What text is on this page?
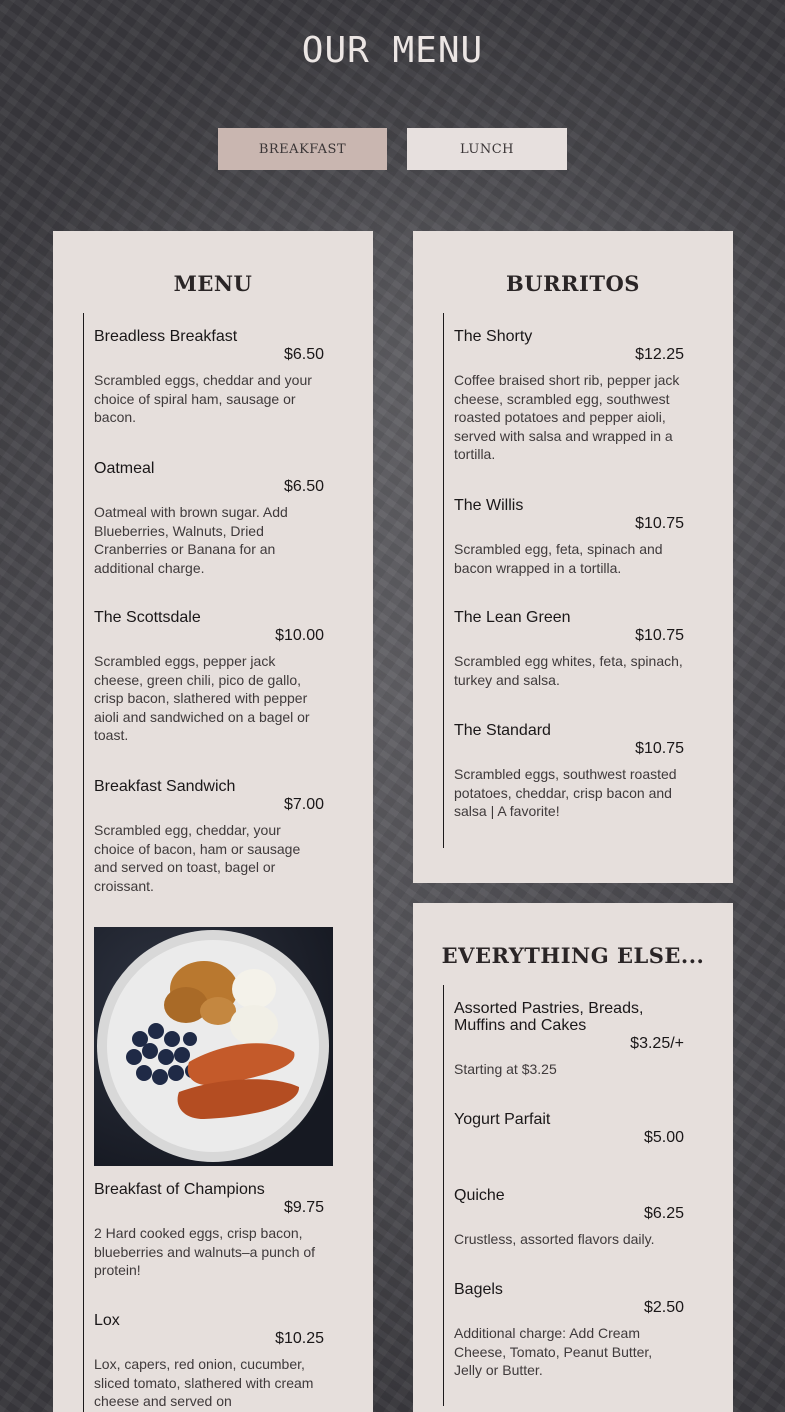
OUR MENU
BREAKFAST	LUNCH
MENU
Breadless Breakfast
$6.50
Scrambled eggs, cheddar and your choice of spiral ham, sausage or bacon.
Oatmeal
$6.50
Oatmeal with brown sugar. Add Blueberries, Walnuts, Dried Cranberries or Banana for an additional charge.
The Scottsdale
$10.00
Scrambled eggs, pepper jack cheese, green chili, pico de gallo, crisp bacon, slathered with pepper aioli and sandwiched on a bagel or toast.
Breakfast Sandwich
$7.00
Scrambled egg, cheddar, your choice of bacon, ham or sausage and served on toast, bagel or croissant.
Breakfast of Champions
$9.75
2 Hard cooked eggs, crisp bacon, blueberries and walnuts–a punch of protein!
Lox
$10.25
Lox, capers, red onion, cucumber, sliced tomato, slathered with cream cheese and served on
BURRITOS
The Shorty
$12.25
Coffee braised short rib, pepper jack cheese, scrambled egg, southwest roasted potatoes and pepper aioli, served with salsa and wrapped in a tortilla.
The Willis
$10.75
Scrambled egg, feta, spinach and bacon wrapped in a tortilla.
The Lean Green
$10.75
Scrambled egg whites, feta, spinach, turkey and salsa.
The Standard
$10.75
Scrambled eggs, southwest roasted potatoes, cheddar, crisp bacon and salsa | A favorite!
EVERYTHING ELSE...
Assorted Pastries, Breads, Muffins and Cakes
$3.25/+
Starting at $3.25
Yogurt Parfait
$5.00
Quiche
$6.25
Crustless, assorted flavors daily.
Bagels
$2.50
Additional charge: Add Cream Cheese, Tomato, Peanut Butter, Jelly or Butter.
